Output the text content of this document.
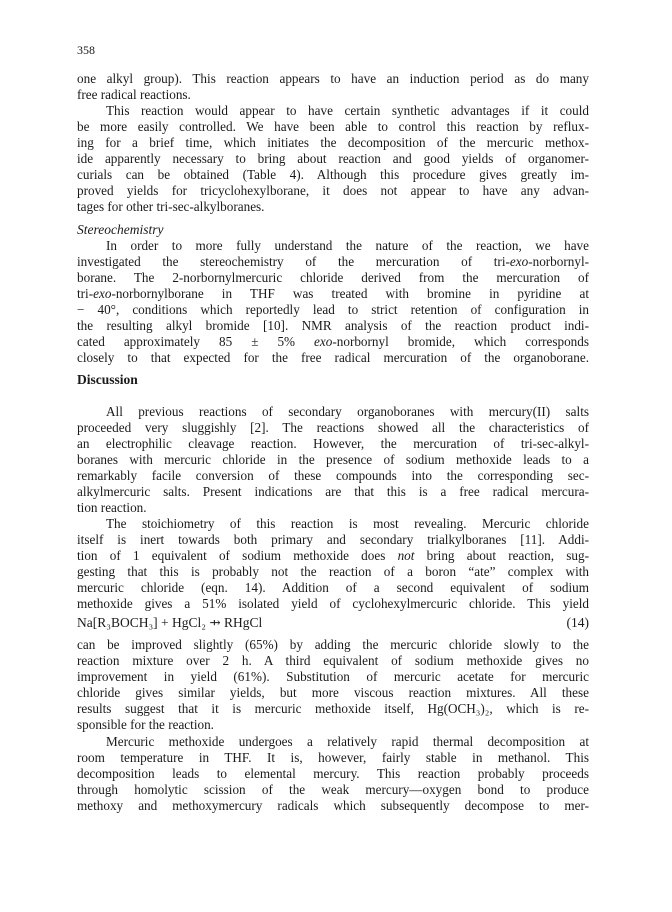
358
one alkyl group). This reaction appears to have an induction period as do many
free radical reactions.
This reaction would appear to have certain synthetic advantages if it could
be more easily controlled. We have been able to control this reaction by reflux-
ing for a brief time, which initiates the decomposition of the mercuric methox-
ide apparently necessary to bring about reaction and good yields of organomer-
curials can be obtained (Table 4). Although this procedure gives greatly im-
proved yields for tricyclohexylborane, it does not appear to have any advan-
tages for other tri-sec-alkylboranes.
Stereochemistry
In order to more fully understand the nature of the reaction, we have
investigated the stereochemistry of the mercuration of tri-exo-norbornyl-
borane. The 2-norbornylmercuric chloride derived from the mercuration of
tri-exo-norbornylborane in THF was treated with bromine in pyridine at
− 40°, conditions which reportedly lead to strict retention of configuration in
the resulting alkyl bromide [10]. NMR analysis of the reaction product indi-
cated approximately 85 ± 5% exo-norbornyl bromide, which corresponds
closely to that expected for the free radical mercuration of the organoborane.
Discussion
All previous reactions of secondary organoboranes with mercury(II) salts
proceeded very sluggishly [2]. The reactions showed all the characteristics of
an electrophilic cleavage reaction. However, the mercuration of tri-sec-alkyl-
boranes with mercuric chloride in the presence of sodium methoxide leads to a
remarkably facile conversion of these compounds into the corresponding sec-
alkylmercuric salts. Present indications are that this is a free radical mercura-
tion reaction.
The stoichiometry of this reaction is most revealing. Mercuric chloride
itself is inert towards both primary and secondary trialkylboranes [11]. Addi-
tion of 1 equivalent of sodium methoxide does not bring about reaction, sug-
gesting that this is probably not the reaction of a boron “ate” complex with
mercuric chloride (eqn. 14). Addition of a second equivalent of sodium
methoxide gives a 51% isolated yield of cyclohexylmercuric chloride. This yield
Na[R₃BOCH₃] + HgCl₂ ⇸ RHgCl	(14)
can be improved slightly (65%) by adding the mercuric chloride slowly to the
reaction mixture over 2 h. A third equivalent of sodium methoxide gives no
improvement in yield (61%). Substitution of mercuric acetate for mercuric
chloride gives similar yields, but more viscous reaction mixtures. All these
results suggest that it is mercuric methoxide itself, Hg(OCH₃)₂, which is re-
sponsible for the reaction.
Mercuric methoxide undergoes a relatively rapid thermal decomposition at
room temperature in THF. It is, however, fairly stable in methanol. This
decomposition leads to elemental mercury. This reaction probably proceeds
through homolytic scission of the weak mercury—oxygen bond to produce
methoxy and methoxymercury radicals which subsequently decompose to mer-
